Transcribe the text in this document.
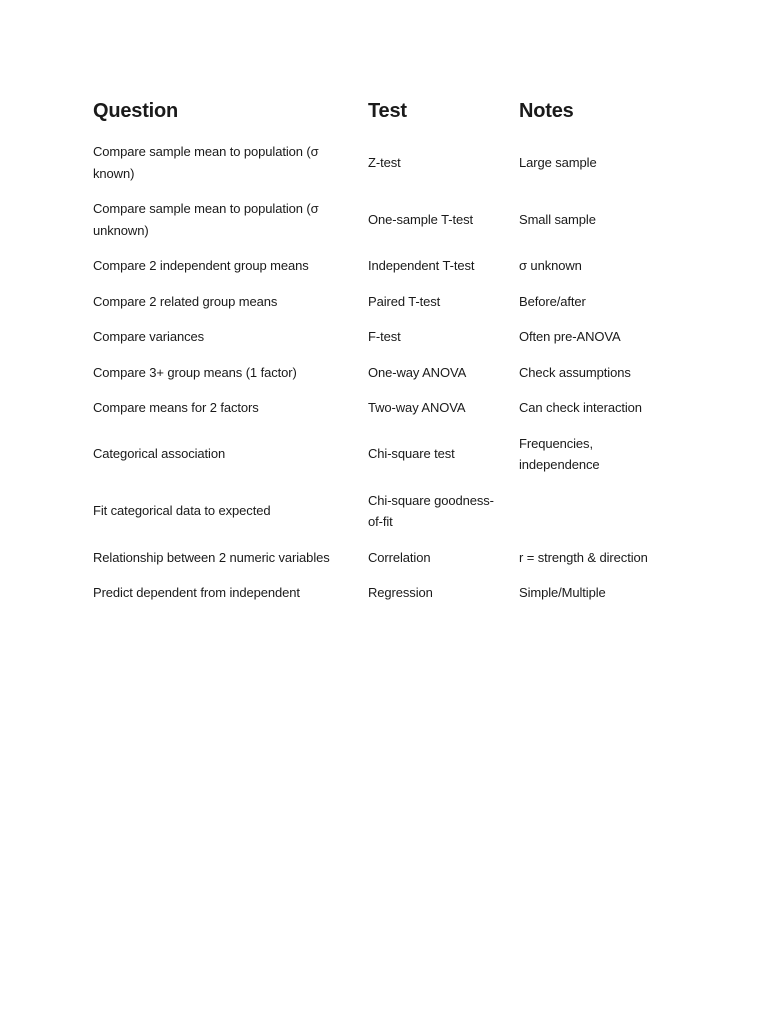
Question	Test	Notes
Compare sample mean to population (σ known)	Z-test	Large sample
Compare sample mean to population (σ unknown)	One-sample T-test	Small sample
Compare 2 independent group means	Independent T-test	σ unknown
Compare 2 related group means	Paired T-test	Before/after
Compare variances	F-test	Often pre-ANOVA
Compare 3+ group means (1 factor)	One-way ANOVA	Check assumptions
Compare means for 2 factors	Two-way ANOVA	Can check interaction
Categorical association	Chi-square test	Frequencies, independence
Fit categorical data to expected	Chi-square goodness-of-fit	
Relationship between 2 numeric variables	Correlation	r = strength & direction
Predict dependent from independent	Regression	Simple/Multiple
